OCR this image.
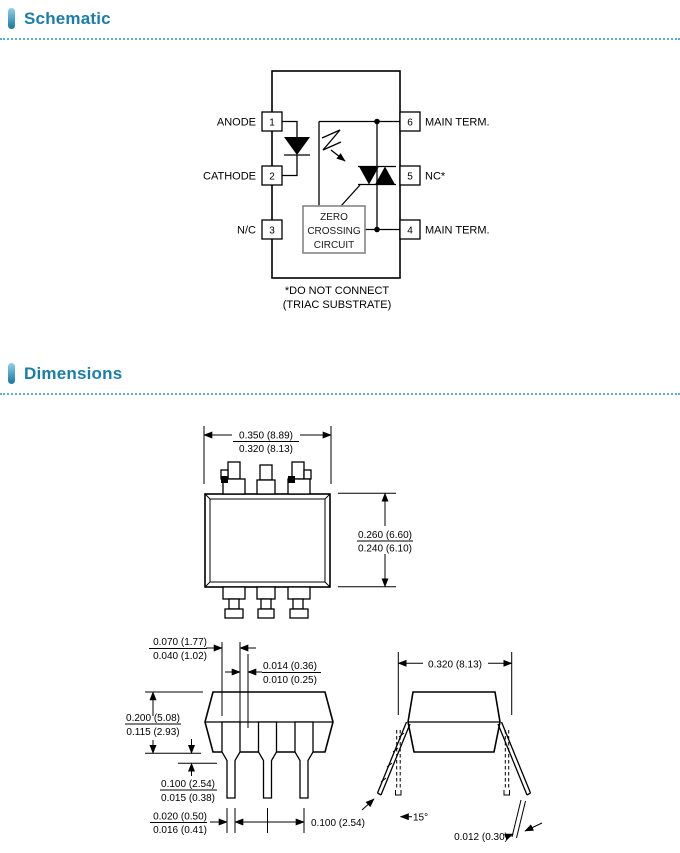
Schematic
1
2
3
6
5
4
ANODE
CATHODE
N/C
MAIN TERM.
NC*
MAIN TERM.
ZERO
CROSSING
CIRCUIT
*DO NOT CONNECT
(TRIAC SUBSTRATE)
Dimensions
0.350 (8.89)
0.320 (8.13)
0.260 (6.60)
0.240 (6.10)
0.070 (1.77)
0.040 (1.02)
0.014 (0.36)
0.010 (0.25)
0.200 (5.08)
0.115 (2.93)
0.100 (2.54)
0.015 (0.38)
0.020 (0.50)
0.016 (0.41)
0.100 (2.54)
0.320 (8.13)
15°
0.012 (0.30)
